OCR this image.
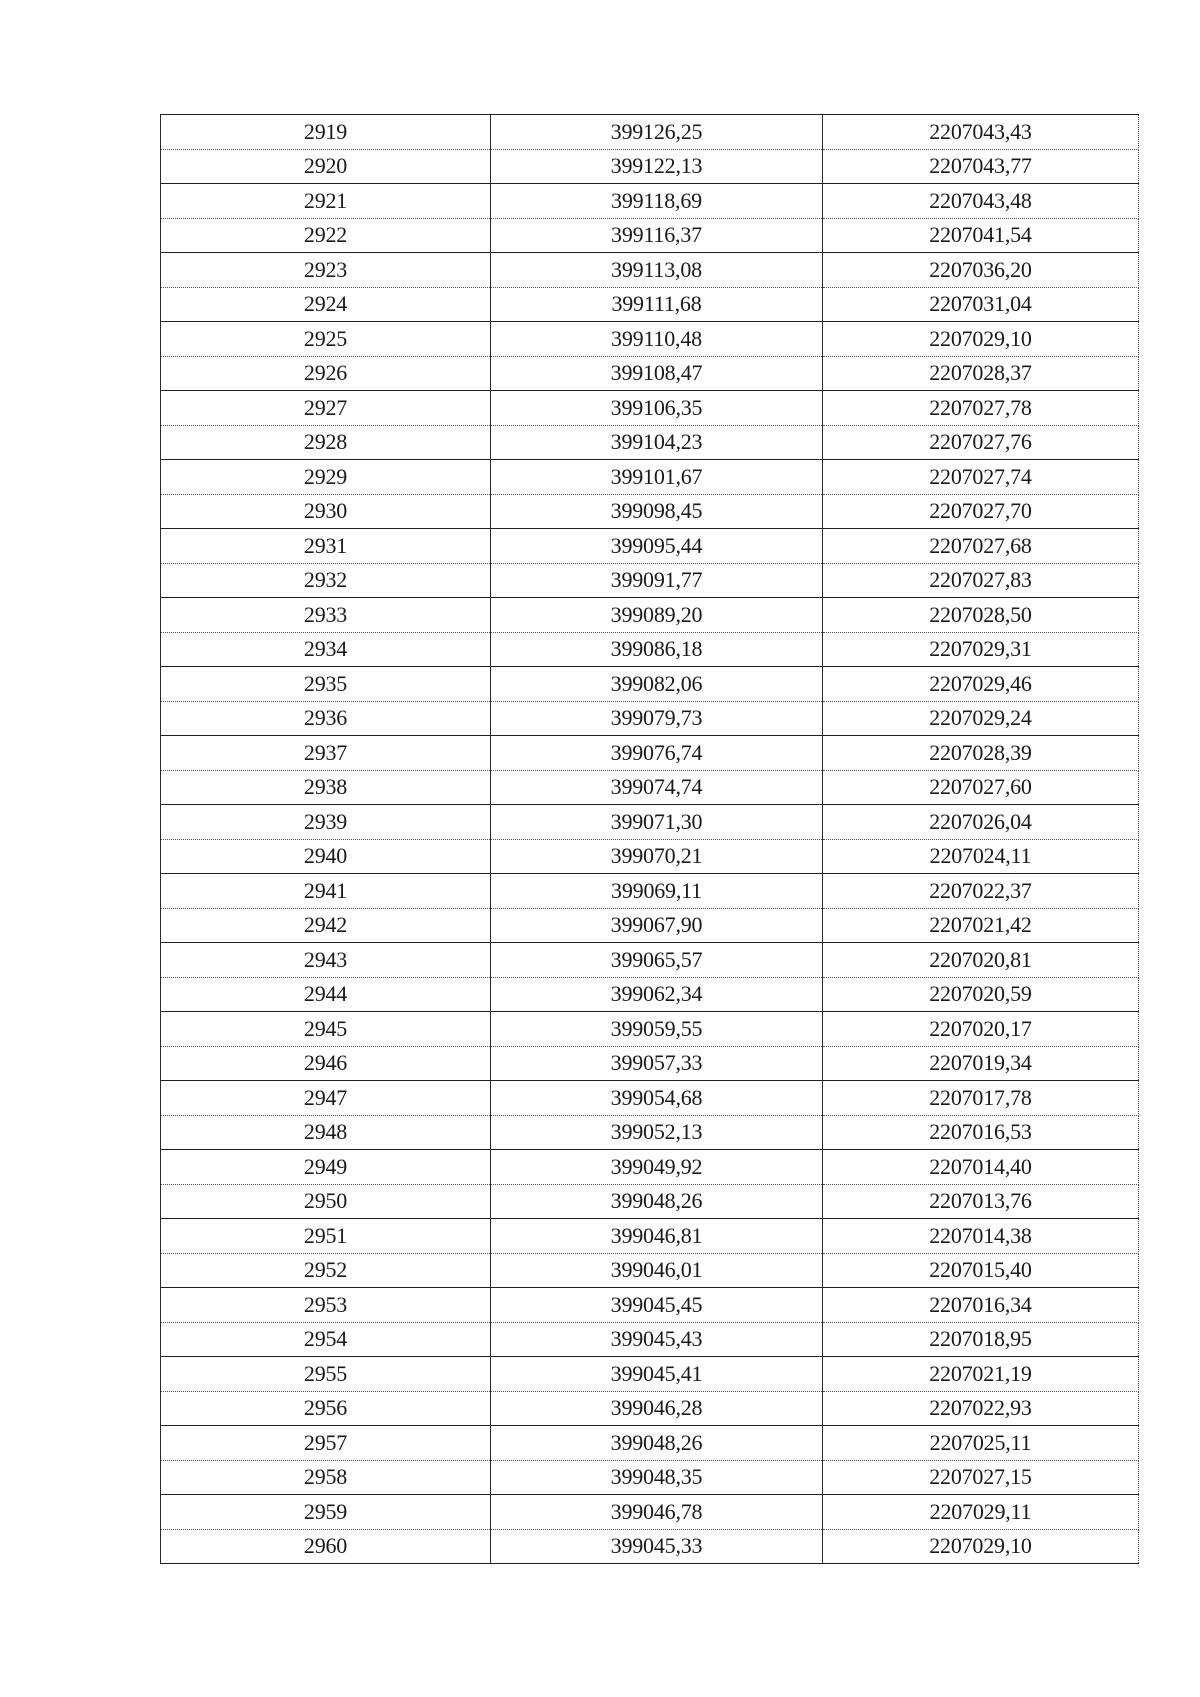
2919	399126,25	2207043,43
2920	399122,13	2207043,77
2921	399118,69	2207043,48
2922	399116,37	2207041,54
2923	399113,08	2207036,20
2924	399111,68	2207031,04
2925	399110,48	2207029,10
2926	399108,47	2207028,37
2927	399106,35	2207027,78
2928	399104,23	2207027,76
2929	399101,67	2207027,74
2930	399098,45	2207027,70
2931	399095,44	2207027,68
2932	399091,77	2207027,83
2933	399089,20	2207028,50
2934	399086,18	2207029,31
2935	399082,06	2207029,46
2936	399079,73	2207029,24
2937	399076,74	2207028,39
2938	399074,74	2207027,60
2939	399071,30	2207026,04
2940	399070,21	2207024,11
2941	399069,11	2207022,37
2942	399067,90	2207021,42
2943	399065,57	2207020,81
2944	399062,34	2207020,59
2945	399059,55	2207020,17
2946	399057,33	2207019,34
2947	399054,68	2207017,78
2948	399052,13	2207016,53
2949	399049,92	2207014,40
2950	399048,26	2207013,76
2951	399046,81	2207014,38
2952	399046,01	2207015,40
2953	399045,45	2207016,34
2954	399045,43	2207018,95
2955	399045,41	2207021,19
2956	399046,28	2207022,93
2957	399048,26	2207025,11
2958	399048,35	2207027,15
2959	399046,78	2207029,11
2960	399045,33	2207029,10
